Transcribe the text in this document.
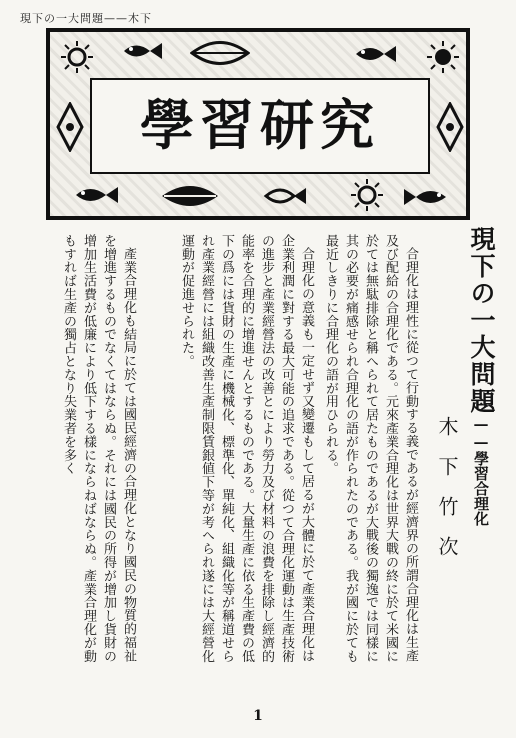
現下の一大問題——木下
學習研究
現下の一大問題——學習合理化
木下竹次

合理化は理性に從つて行動する義であるが經濟界の所謂合理化は生產及び配給の合理化である。元來產業合理化は世界大戰の終に於て米國に於ては無駄排除と稱へられて居たものであるが大戰後の獨逸では同樣に其の必要が痛感せられ合理化の語が作られたのである。我が國に於ても最近しきりに合理化の語が用ひられる。

合理化の意義も一定せず又變遷もして居るが大體に於て產業合理化は企業利潤に對する最大可能の追求である。從つて合理化運動は生產技術の進步と產業經營法の改善とにより勞力及び材料の浪費を排除し經濟的能率を合理的に增進せんとするものである。大量生產に依る生產費の低下の爲には貨財の生產に機械化、標準化、單純化、組織化等が稱道せられ產業經營には組織改善生產制限賃銀値下等が考へられ遂には大經營化運動が促進せられた。

產業合理化も結局に於ては國民經濟の合理化となり國民の物質的福祉を增進するものでなくてはならぬ。それには國民の所得が增加し貨財の增加生活費が低廉により低下する樣にならねばならぬ。產業合理化が動もすれば生產の獨占となり失業者を多く

1
